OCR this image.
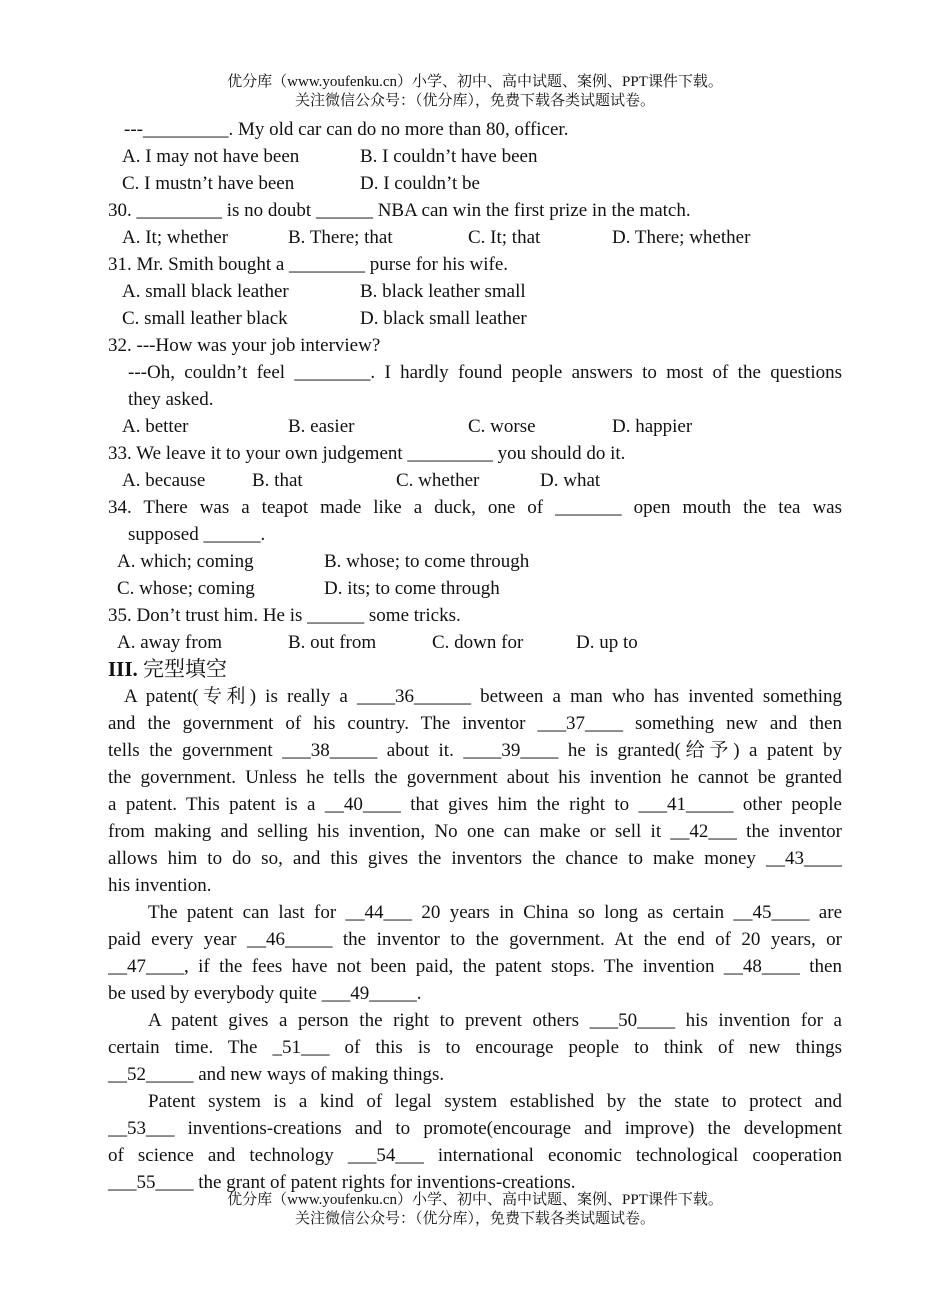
优分库（www.youfenku.cn）小学、初中、高中试题、案例、PPT课件下载。
关注微信公众号：（优分库），免费下载各类试题试卷。
---_________. My old car can do no more than 80, officer.
A. I may not have been	B. I couldn’t have been
C. I mustn’t have been	D. I couldn’t be
30. _________ is no doubt ______ NBA can win the first prize in the match.
A. It; whether	B. There; that	C. It; that	D. There; whether
31. Mr. Smith bought a ________ purse for his wife.
A. small black leather	B. black leather small
C. small leather black	D. black small leather
32. ---How was your job interview?
---Oh, couldn’t feel ________. I hardly found people answers to most of the questions
they asked.
A. better	B. easier	C. worse	D. happier
33. We leave it to your own judgement _________ you should do it.
A. because B. that	C. whether	D. what
34. There was a teapot made like a duck, one of _______ open mouth the tea was
supposed ______.
A. which; coming	B. whose; to come through
C. whose; coming	D. its; to come through
35. Don’t trust him. He is ______ some tricks.
A. away from	B. out from	C. down for	D. up to
III. 完型填空
A patent(专利) is really a ____36______ between a man who has invented something
and the government of his country. The inventor ___37____ something new and then
tells the government ___38_____ about it. ____39____ he is granted(给予) a patent by
the government. Unless he tells the government about his invention he cannot be granted
a patent. This patent is a __40____ that gives him the right to ___41_____ other people
from making and selling his invention, No one can make or sell it __42___ the inventor
allows him to do so, and this gives the inventors the chance to make money __43____
his invention.
The patent can last for __44___ 20 years in China so long as certain __45____ are
paid every year __46_____ the inventor to the government. At the end of 20 years, or
__47____, if the fees have not been paid, the patent stops. The invention __48____ then
be used by everybody quite ___49_____.
A patent gives a person the right to prevent others ___50____ his invention for a
certain time. The _51___ of this is to encourage people to think of new things
__52_____ and new ways of making things.
Patent system is a kind of legal system established by the state to protect and
__53___ inventions-creations and to promote(encourage and improve) the development
of science and technology ___54___ international economic technological cooperation
___55____ the grant of patent rights for inventions-creations.
优分库（www.youfenku.cn）小学、初中、高中试题、案例、PPT课件下载。
关注微信公众号：（优分库），免费下载各类试题试卷。
